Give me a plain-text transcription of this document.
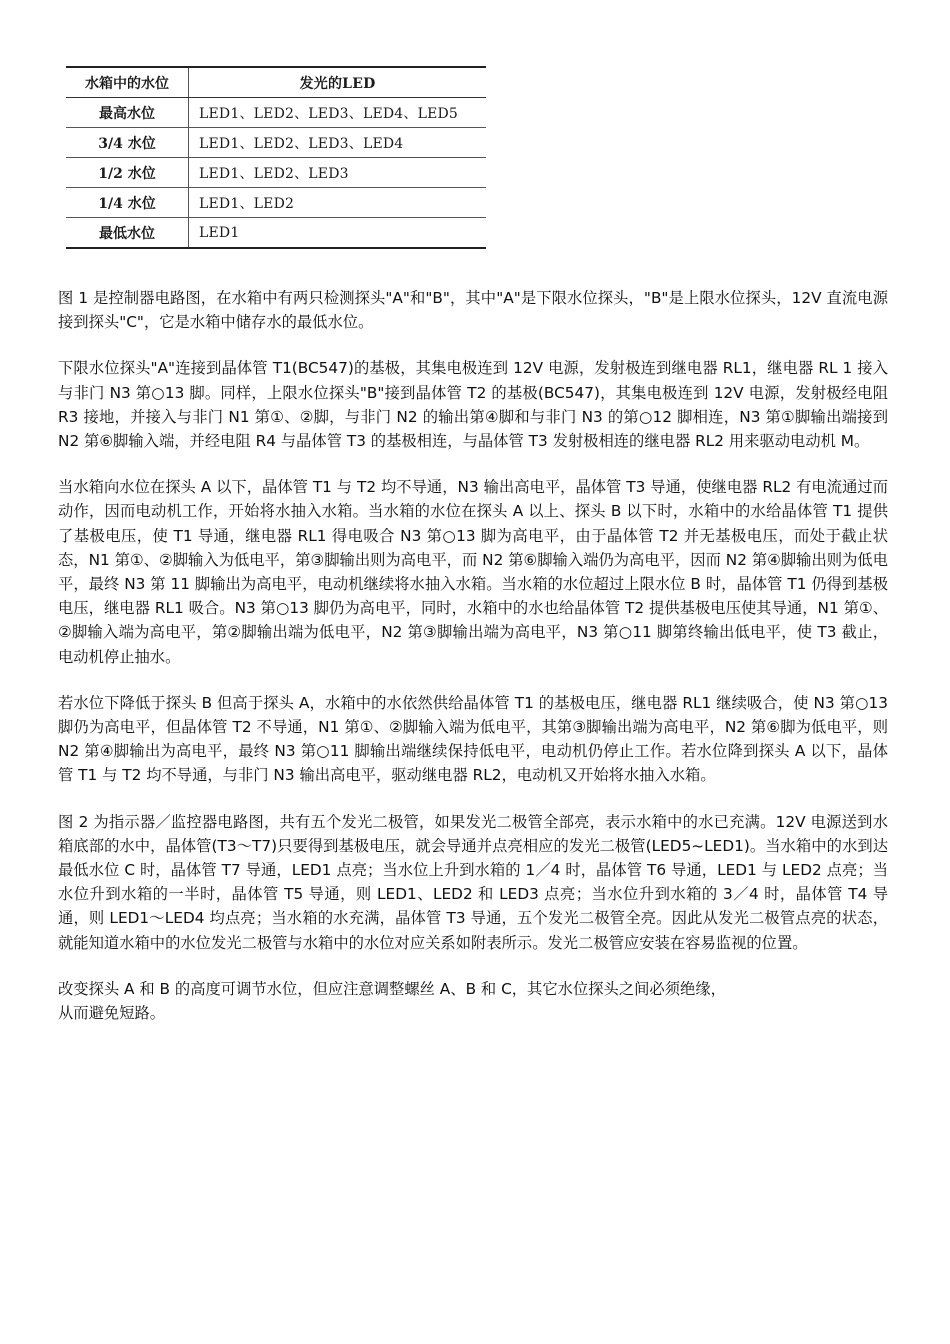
水箱中的水位	发光的LED
最高水位	LED1、LED2、LED3、LED4、LED5
3/4 水位	LED1、LED2、LED3、LED4
1/2 水位	LED1、LED2、LED3
1/4 水位	LED1、LED2
最低水位	LED1

图 1 是控制器电路图，在水箱中有两只检测探头"A"和"B"，其中"A"是下限水位探头，"B"是上限水位探头，12V 直流电源接到探头"C"，它是水箱中储存水的最低水位。

下限水位探头"A"连接到晶体管 T1(BC547)的基极，其集电极连到 12V 电源，发射极连到继电器 RL1，继电器 RL 1 接入与非门 N3 第○13 脚。同样，上限水位探头"B"接到晶体管 T2 的基极(BC547)，其集电极连到 12V 电源，发射极经电阻 R3 接地，并接入与非门 N1 第①、②脚，与非门 N2 的输出第④脚和与非门 N3 的第○12 脚相连，N3 第①脚输出端接到 N2 第⑥脚输入端，并经电阻 R4 与晶体管 T3 的基极相连，与晶体管 T3 发射极相连的继电器 RL2 用来驱动电动机 M。

当水箱向水位在探头 A 以下，晶体管 T1 与 T2 均不导通，N3 输出高电平，晶体管 T3 导通，使继电器 RL2 有电流通过而动作，因而电动机工作，开始将水抽入水箱。当水箱的水位在探头 A 以上、探头 B 以下时，水箱中的水给晶体管 T1 提供了基极电压，使 T1 导通，继电器 RL1 得电吸合 N3 第○13 脚为高电平，由于晶体管 T2 并无基极电压，而处于截止状态，N1 第①、②脚输入为低电平，第③脚输出则为高电平，而 N2 第⑥脚输入端仍为高电平，因而 N2 第④脚输出则为低电平，最终 N3 第 11 脚输出为高电平，电动机继续将水抽入水箱。当水箱的水位超过上限水位 B 时，晶体管 T1 仍得到基极电压，继电器 RL1 吸合。N3 第○13 脚仍为高电平，同时，水箱中的水也给晶体管 T2 提供基极电压使其导通，N1 第①、②脚输入端为高电平，第②脚输出端为低电平，N2 第③脚输出端为高电平，N3 第○11 脚第终输出低电平，使 T3 截止，电动机停止抽水。

若水位下降低于探头 B 但高于探头 A，水箱中的水依然供给晶体管 T1 的基极电压，继电器 RL1 继续吸合，使 N3 第○13 脚仍为高电平，但晶体管 T2 不导通，N1 第①、②脚输入端为低电平，其第③脚输出端为高电平，N2 第⑥脚为低电平，则 N2 第④脚输出为高电平，最终 N3 第○11 脚输出端继续保持低电平，电动机仍停止工作。若水位降到探头 A 以下，晶体管 T1 与 T2 均不导通，与非门 N3 输出高电平，驱动继电器 RL2，电动机又开始将水抽入水箱。

图 2 为指示器／监控器电路图，共有五个发光二极管，如果发光二极管全部亮，表示水箱中的水已充满。12V 电源送到水箱底部的水中，晶体管(T3～T7)只要得到基极电压，就会导通并点亮相应的发光二极管(LED5~LED1)。当水箱中的水到达最低水位 C 时，晶体管 T7 导通，LED1 点亮；当水位上升到水箱的 1／4 时，晶体管 T6 导通，LED1 与 LED2 点亮；当水位升到水箱的一半时，晶体管 T5 导通，则 LED1、LED2 和 LED3 点亮；当水位升到水箱的 3／4 时，晶体管 T4 导通，则 LED1～LED4 均点亮；当水箱的水充满，晶体管 T3 导通，五个发光二极管全亮。因此从发光二极管点亮的状态，就能知道水箱中的水位发光二极管与水箱中的水位对应关系如附表所示。发光二极管应安装在容易监视的位置。

改变探头 A 和 B 的高度可调节水位，但应注意调整螺丝 A、B 和 C，其它水位探头之间必须绝缘，从而避免短路。
